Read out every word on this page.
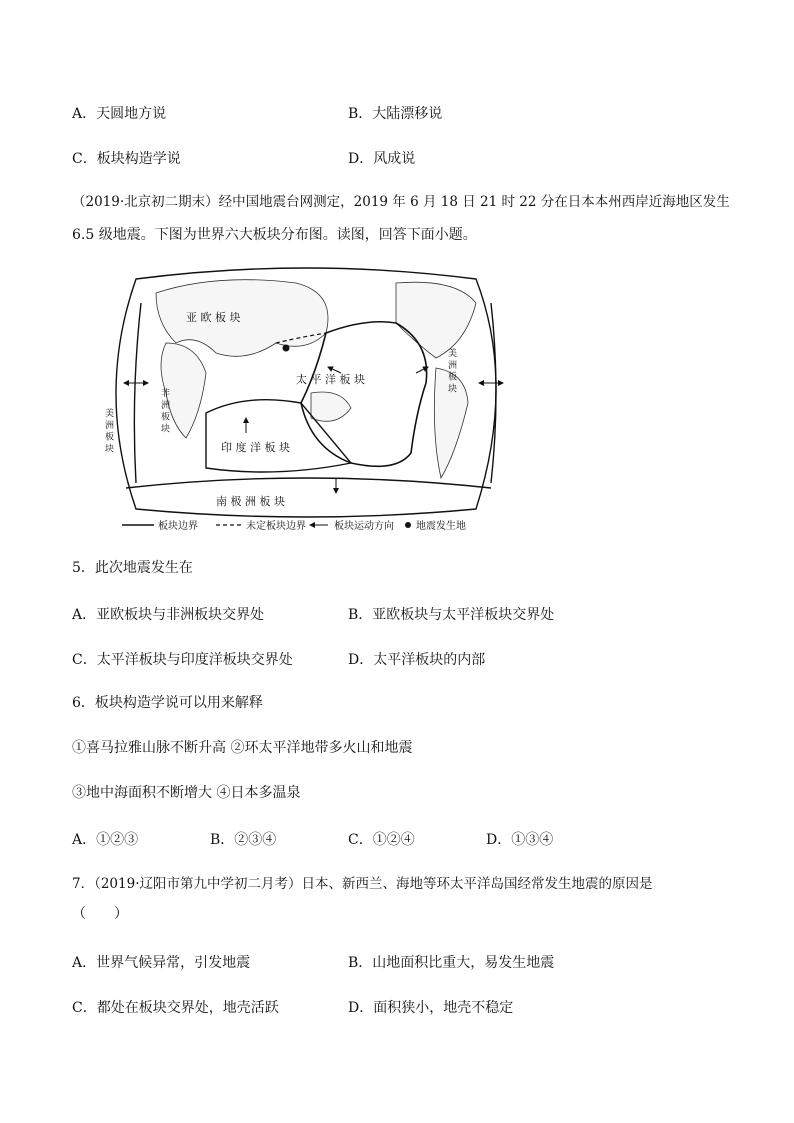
A．天圆地方说	B．大陆漂移说
C．板块构造学说	D．风成说
（2019·北京初二期末）经中国地震台网测定，2019 年 6 月 18 日 21 时 22 分在日本本州西岸近海地区发生
6.5 级地震。下图为世界六大板块分布图。读图，回答下面小题。
亚 欧 板 块
太 平 洋 板 块
印 度 洋 板 块
南 极 洲 板 块
非 洲 板 块
美 洲 板 块
美 洲 板 块
板块边界	未定板块边界	板块运动方向 地震发生地
5．此次地震发生在
A．亚欧板块与非洲板块交界处	B．亚欧板块与太平洋板块交界处
C．太平洋板块与印度洋板块交界处	D．太平洋板块的内部
6．板块构造学说可以用来解释
①喜马拉雅山脉不断升高 ②环太平洋地带多火山和地震
③地中海面积不断增大 ④日本多温泉
A．①②③	B．②③④	C．①②④	D．①③④
7．（2019·辽阳市第九中学初二月考）日本、新西兰、海地等环太平洋岛国经常发生地震的原因是
（　　）
A．世界气候异常，引发地震	B．山地面积比重大，易发生地震
C．都处在板块交界处，地壳活跃	D．面积狭小，地壳不稳定
